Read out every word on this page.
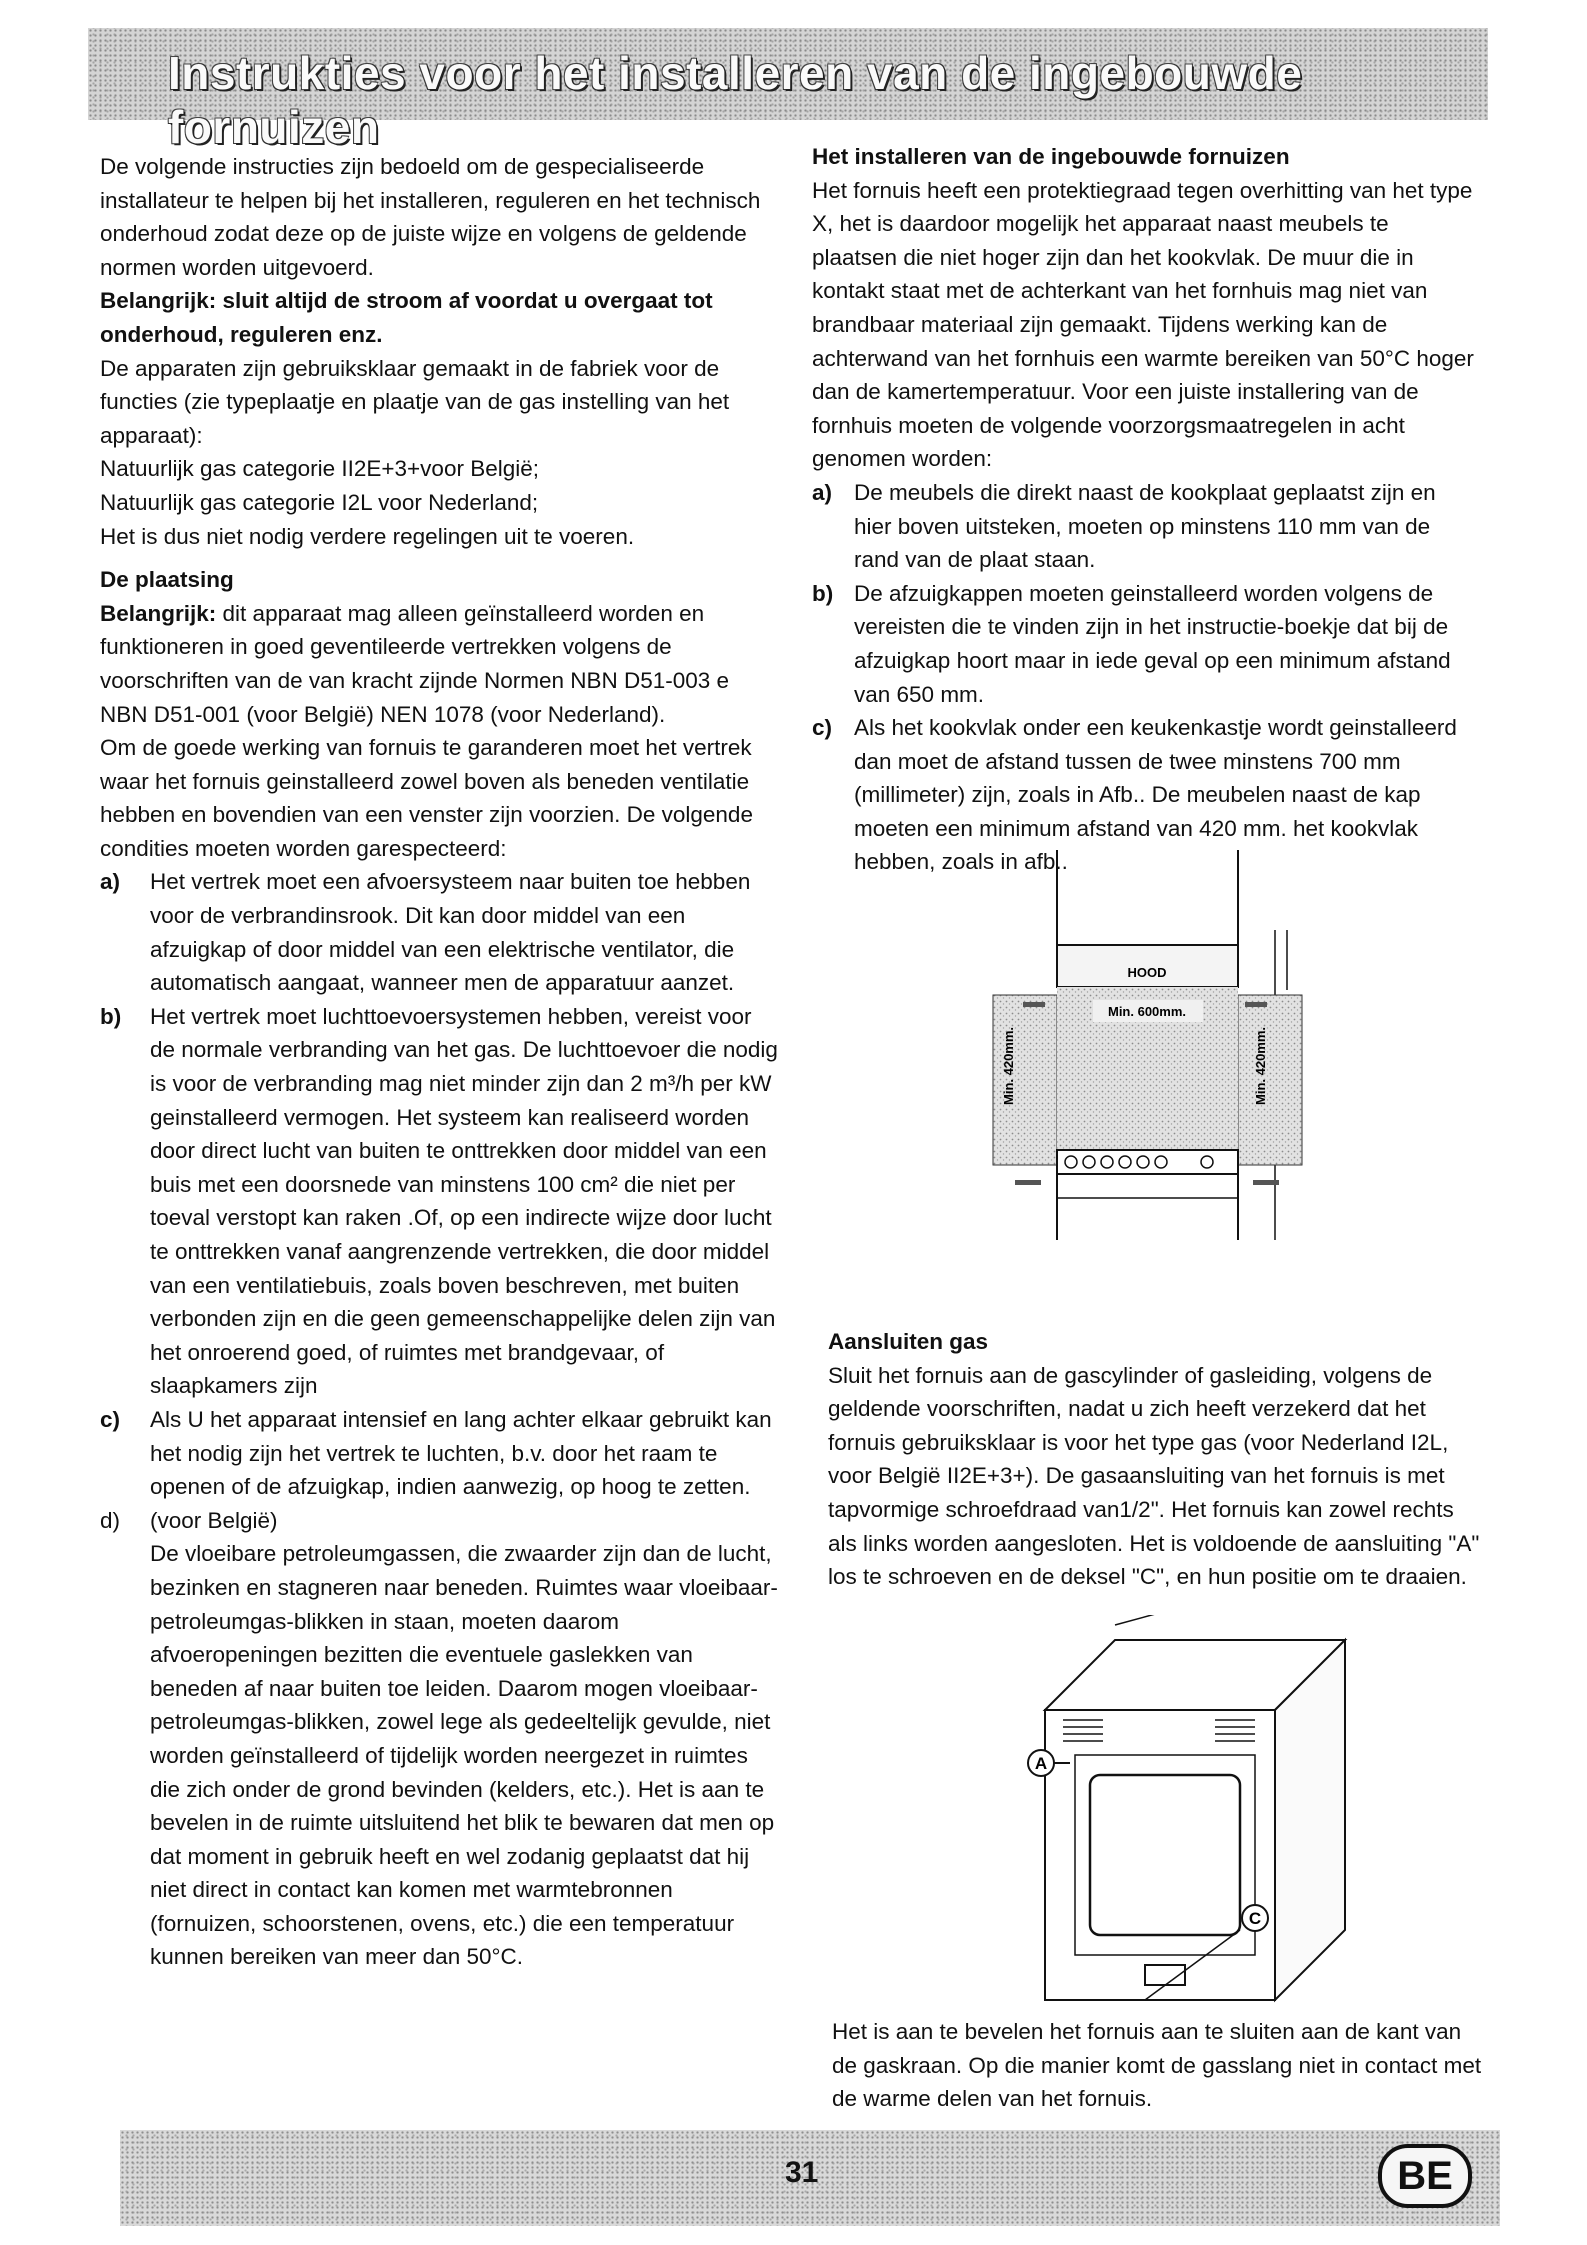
Instrukties voor het installeren van de ingebouwde fornuizen

De volgende instructies zijn bedoeld om de gespecialiseerde installateur te helpen bij het installeren, reguleren en het technisch onderhoud zodat deze op de juiste wijze en volgens de geldende normen worden uitgevoerd.

Belangrijk: sluit altijd de stroom af voordat u overgaat tot onderhoud, reguleren enz.

De apparaten zijn gebruiksklaar gemaakt in de fabriek voor de functies (zie typeplaatje en plaatje van de gas instelling van het apparaat):

Natuurlijk gas categorie II2E+3+voor België;

Natuurlijk gas categorie I2L voor Nederland;

Het is dus niet nodig verdere regelingen uit te voeren.

De plaatsing

Belangrijk: dit apparaat mag alleen geïnstalleerd worden en funktioneren in goed geventileerde vertrekken volgens de voorschriften van de van kracht zijnde Normen NBN D51-003 e NBN D51-001 (voor België) NEN 1078 (voor Nederland).

Om de goede werking van fornuis te garanderen moet het vertrek waar het fornuis geinstalleerd zowel boven als beneden ventilatie hebben en bovendien van een venster zijn voorzien. De volgende condities moeten worden garespecteerd:

a) Het vertrek moet een afvoersysteem naar buiten toe hebben voor de verbrandinsrook. Dit kan door middel van een afzuigkap of door middel van een elektrische ventilator, die automatisch aangaat, wanneer men de apparatuur aanzet.
b) Het vertrek moet luchttoevoersystemen hebben, vereist voor de normale verbranding van het gas. De luchttoevoer die nodig is voor de verbranding mag niet minder zijn dan 2 m³/h per kW geinstalleerd vermogen. Het systeem kan realiseerd worden door direct lucht van buiten te onttrekken door middel van een buis met een doorsnede van minstens 100 cm² die niet per toeval verstopt kan raken .Of, op een indirecte wijze door lucht te onttrekken vanaf aangrenzende vertrekken, die door middel van een ventilatiebuis, zoals boven beschreven, met buiten verbonden zijn en die geen gemeenschappelijke delen zijn van het onroerend goed, of ruimtes met brandgevaar, of slaapkamers zijn
c) Als U het apparaat intensief en lang achter elkaar gebruikt kan het nodig zijn het vertrek te luchten, b.v. door het raam te openen of de afzuigkap, indien aanwezig, op hoog te zetten.
d) (voor België)
De vloeibare petroleumgassen, die zwaarder zijn dan de lucht, bezinken en stagneren naar beneden. Ruimtes waar vloeibaar-petroleumgas-blikken in staan, moeten daarom afvoeropeningen bezitten die eventuele gaslekken van beneden af naar buiten toe leiden. Daarom mogen vloeibaar-petroleumgas-blikken, zowel lege als gedeeltelijk gevulde, niet worden geïnstalleerd of tijdelijk worden neergezet in ruimtes die zich onder de grond bevinden (kelders, etc.). Het is aan te bevelen in de ruimte uitsluitend het blik te bewaren dat men op dat moment in gebruik heeft en wel zodanig geplaatst dat hij niet direct in contact kan komen met warmtebronnen (fornuizen, schoorstenen, ovens, etc.) die een temperatuur kunnen bereiken van meer dan 50°C.

Het installeren van de ingebouwde fornuizen

Het fornuis heeft een protektiegraad tegen overhitting van het type X, het is daardoor mogelijk het apparaat naast meubels te plaatsen die niet hoger zijn dan het kookvlak. De muur die in kontakt staat met de achterkant van het fornhuis mag niet van brandbaar materiaal zijn gemaakt. Tijdens werking kan de achterwand van het fornhuis een warmte bereiken van 50°C hoger dan de kamertemperatuur. Voor een juiste installering van de fornhuis moeten de volgende voorzorgsmaatregelen in acht genomen worden:

a) De meubels die direkt naast de kookplaat geplaatst zijn en hier boven uitsteken, moeten op minstens 110 mm van de rand van de plaat staan.
b) De afzuigkappen moeten geinstalleerd worden volgens de vereisten die te vinden zijn in het instructie-boekje dat bij de afzuigkap hoort maar in iede geval op een minimum afstand van 650 mm.
c) Als het kookvlak onder een keukenkastje wordt geinstalleerd dan moet de afstand tussen de twee minstens 700 mm (millimeter) zijn, zoals in Afb.. De meubelen naast de kap moeten een minimum afstand van 420 mm. het kookvlak hebben, zoals in afb..
HOOD
Min. 600mm.
Min. 420mm.	Min. 420mm.

Aansluiten gas

Sluit het fornuis aan de gascylinder of gasleiding, volgens de geldende voorschriften, nadat u zich heeft verzekerd dat het fornuis gebruiksklaar is voor het type gas (voor Nederland I2L, voor België II2E+3+). De gasaansluiting van het fornuis is met tapvormige schroefdraad van1/2". Het fornuis kan zowel rechts als links worden aangesloten. Het is voldoende de aansluiting "A" los te schroeven en de deksel "C", en hun positie om te draaien.

A
C

Het is aan te bevelen het fornuis aan te sluiten aan de kant van de gaskraan. Op die manier komt de gasslang niet in contact met de warme delen van het fornuis.

31	BE
